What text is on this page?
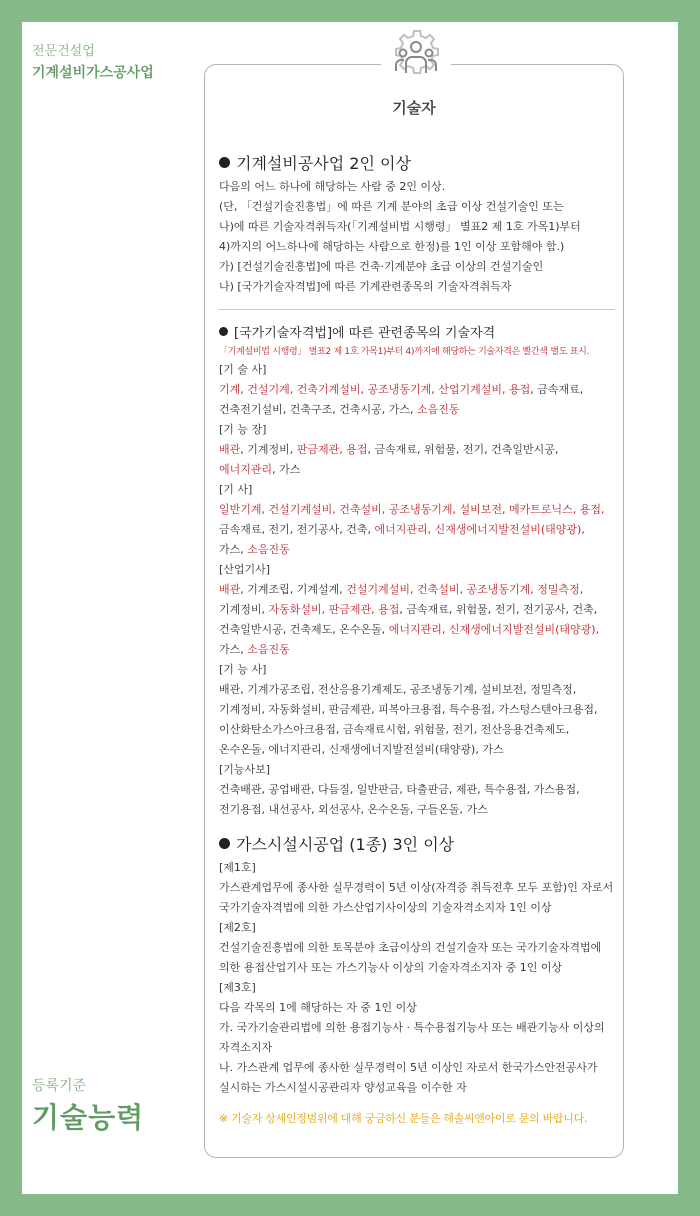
전문건설업
기계설비가스공사업
등록기준
기술능력
기술자
기계설비공사업 2인 이상

다음의 어느 하나에 해당하는 사람 중 2인 이상.

(단, 「건설기술진흥법」에 따른 기계 분야의 초급 이상 건설기술인 또는

나)에 따른 기술자격취득자(「기계설비법 시행령」 별표2 제 1호 가목1)부터

4)까지의 어느하나에 해당하는 사람으로 한정)를 1인 이상 포함해야 함.)

가) [건설기술진흥법]에 따른 건축·기계분야 초급 이상의 건설기술인

나) [국가기술자격법]에 따른 기계관련종목의 기술자격취득자

[국가기술자격법]에 따른 관련종목의 기술자격
「기계설비법 시행령」 별표2 제 1호 가목1)부터 4)까지에 해당하는 기술자격은 빨간색 별도 표시.

[기 술 사]

기계, 건설기계, 건축기계설비, 공조냉동기계, 산업기계설비, 용접, 금속재료,

건축전기설비, 건축구조, 건축시공, 가스, 소음진동

[기 능 장]

배관, 기계정비, 판금제관, 용접, 금속재료, 위험물, 전기, 건축일반시공,

에너지관리, 가스

[기 사]

일반기계, 건설기계설비, 건축설비, 공조냉동기계, 설비보전, 메카트로닉스, 용접,

금속재료, 전기, 전기공사, 건축, 에너지관리, 신재생에너지발전설비(태양광),

가스, 소음진동

[산업기사]

배관, 기계조립, 기계설계, 건설기계설비, 건축설비, 공조냉동기계, 정밀측정,

기계정비, 자동화설비, 판금제관, 용접, 금속재료, 위험물, 전기, 전기공사, 건축,

건축일반시공, 건축제도, 온수온돌, 에너지관리, 신재생에너지발전설비(태양광),

가스, 소음진동

[기 능 사]

배관, 기계가공조립, 전산응용기계제도, 공조냉동기계, 설비보전, 정밀측정,

기계정비, 자동화설비, 판금제관, 피복아크용접, 특수용접, 가스텅스텐아크용접,

이산화탄소가스아크용접, 금속재료시험, 위험물, 전기, 전산응용건축제도,

온수온돌, 에너지관리, 신재생에너지발전설비(태양광), 가스

[기능사보]

건축배관, 공업배관, 다듬질, 일반판금, 타출판금, 제관, 특수용접, 가스용접,

전기용접, 내선공사, 외선공사, 온수온돌, 구들온돌, 가스

가스시설시공업 (1종) 3인 이상

[제1호]

가스관계업무에 종사한 실무경력이 5년 이상(자격증 취득전후 모두 포함)인 자로서

국가기술자격법에 의한 가스산업기사이상의 기술자격소지자 1인 이상

[제2호]

건설기술진흥법에 의한 토목분야 초급이상의 건설기술자 또는 국가기술자격법에

의한 용접산업기사 또는 가스기능사 이상의 기술자격소지자 중 1인 이상

[제3호]

다음 각목의 1에 해당하는 자 중 1인 이상

가. 국가기술관리법에 의한 용접기능사 · 특수용접기능사 또는 배관기능사 이상의

자격소지자

나. 가스관계 업무에 종사한 실무경력이 5년 이상인 자로서 한국가스안전공사가

실시하는 가스시설시공관리자 양성교육을 이수한 자

※ 기술자 상세인정범위에 대해 궁금하신 분들은 해솔씨앤아이로 문의 바랍니다.
